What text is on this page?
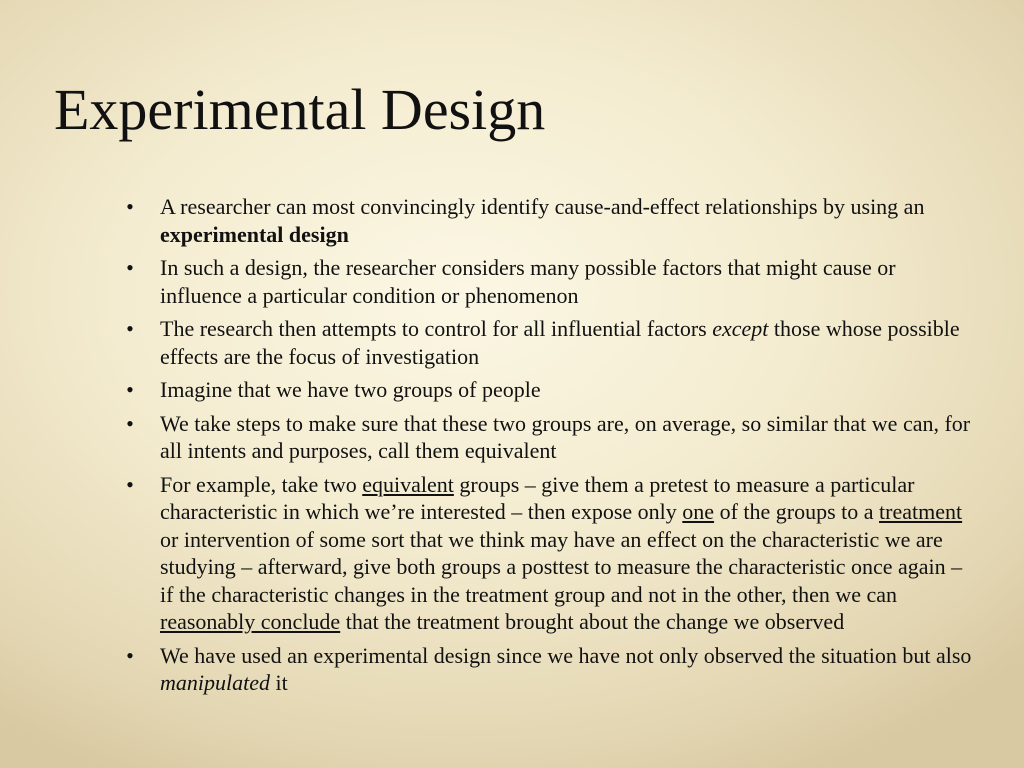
Experimental Design
• A researcher can most convincingly identify cause-and-effect relationships by using an experimental design
• In such a design, the researcher considers many possible factors that might cause or influence a particular condition or phenomenon
• The research then attempts to control for all influential factors except those whose possible effects are the focus of investigation
• Imagine that we have two groups of people
• We take steps to make sure that these two groups are, on average, so similar that we can, for all intents and purposes, call them equivalent
• For example, take two equivalent groups – give them a pretest to measure a particular characteristic in which we’re interested – then expose only one of the groups to a treatment or intervention of some sort that we think may have an effect on the characteristic we are studying – afterward, give both groups a posttest to measure the characteristic once again – if the characteristic changes in the treatment group and not in the other, then we can reasonably conclude that the treatment brought about the change we observed
• We have used an experimental design since we have not only observed the situation but also manipulated it
